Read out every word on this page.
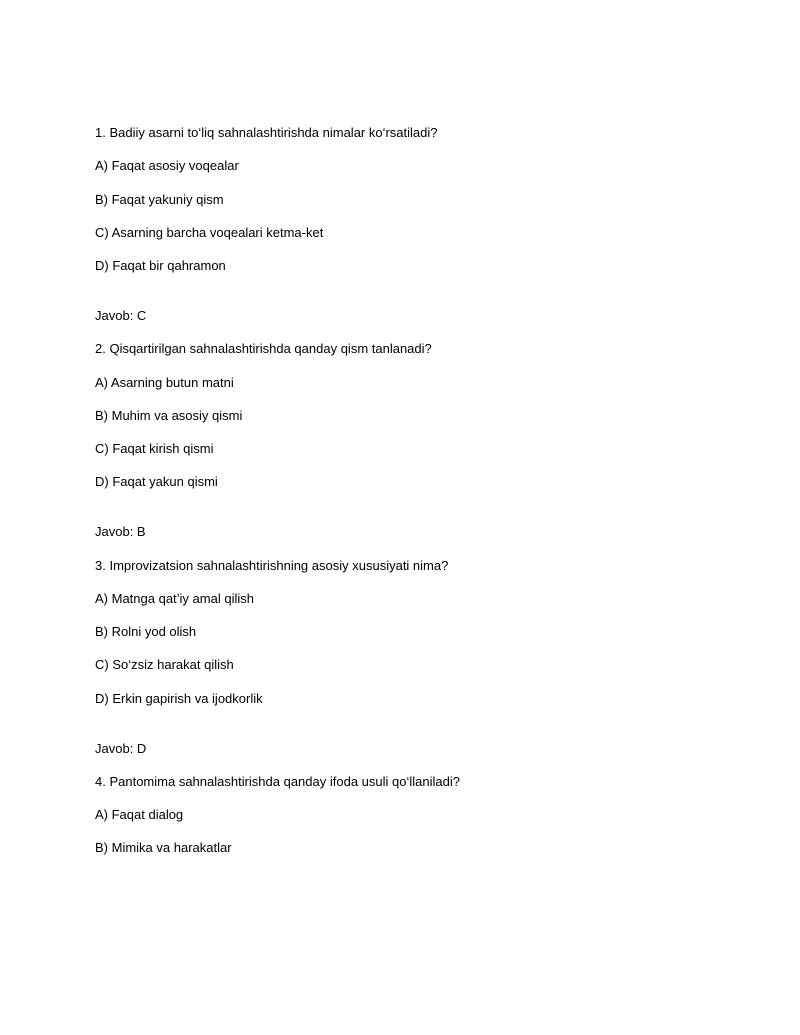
1. Badiiy asarni to‘liq sahnalashtirishda nimalar ko‘rsatiladi?
A) Faqat asosiy voqealar
B) Faqat yakuniy qism
C) Asarning barcha voqealari ketma-ket
D) Faqat bir qahramon
Javob: C
2. Qisqartirilgan sahnalashtirishda qanday qism tanlanadi?
A) Asarning butun matni
B) Muhim va asosiy qismi
C) Faqat kirish qismi
D) Faqat yakun qismi
Javob: B
3. Improvizatsion sahnalashtirishning asosiy xususiyati nima?
A) Matnga qat’iy amal qilish
B) Rolni yod olish
C) So‘zsiz harakat qilish
D) Erkin gapirish va ijodkorlik
Javob: D
4. Pantomima sahnalashtirishda qanday ifoda usuli qo‘llaniladi?
A) Faqat dialog
B) Mimika va harakatlar
